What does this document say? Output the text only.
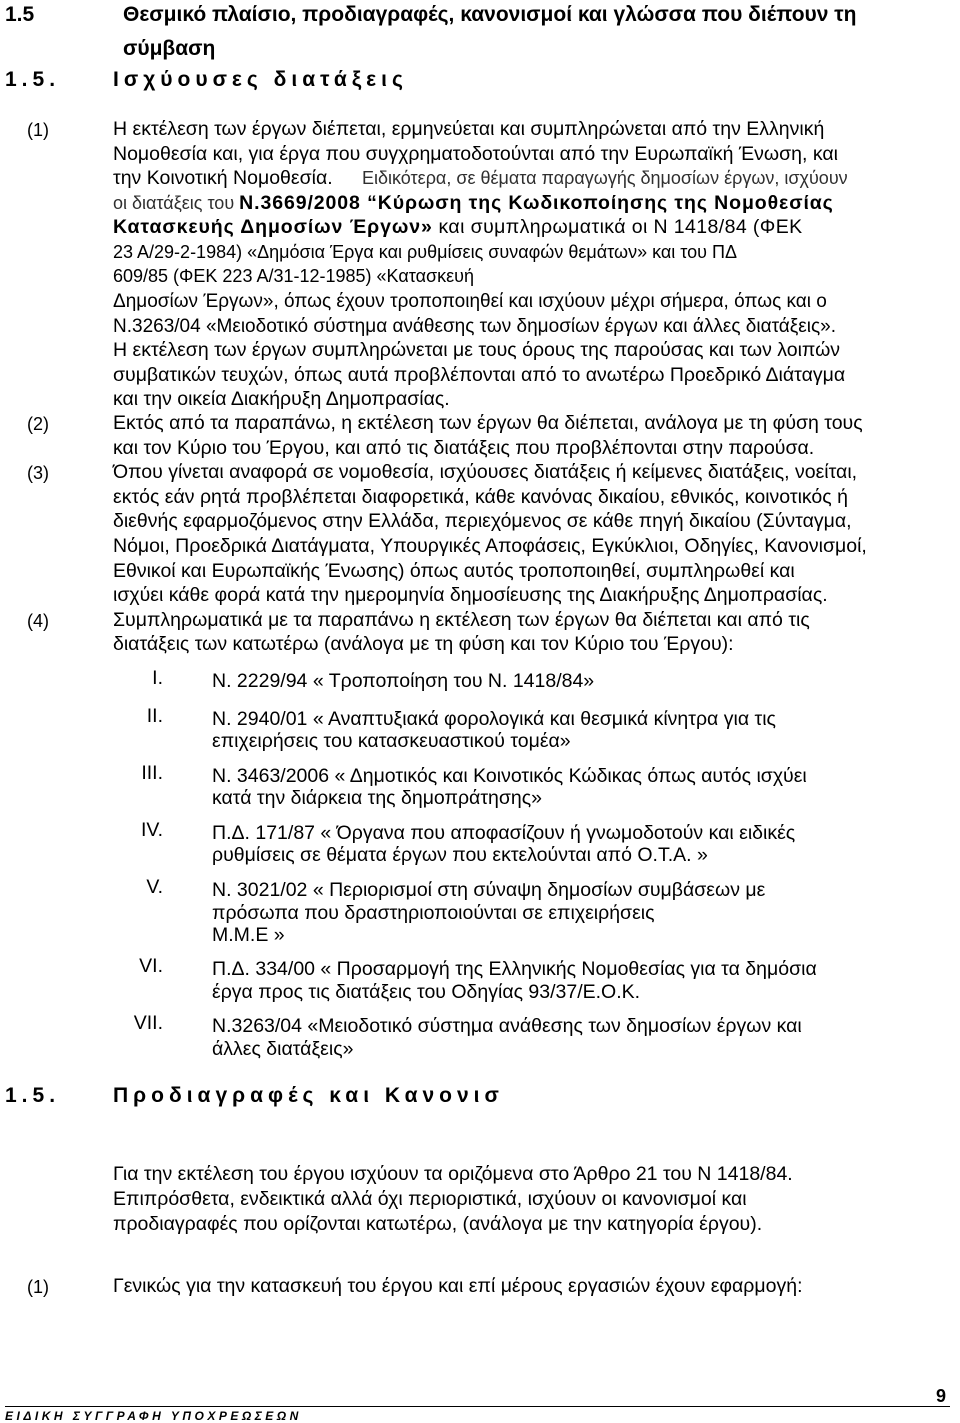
1.5	Θεσμικό πλαίσιο, προδιαγραφές, κανονισμοί και γλώσσα που διέπουν τη
σύμβαση
1.5.	Ισχύουσες διατάξεις
(1)	Η εκτέλεση των έργων διέπεται, ερμηνεύεται και συμπληρώνεται από την Ελληνική
Νομοθεσία και, για έργα που συγχρηματοδοτούνται από την Ευρωπαϊκή Ένωση, και
την Κοινοτική Νομοθεσία. Ειδικότερα, σε θέματα παραγωγής δημοσίων έργων, ισχύουν
οι διατάξεις του Ν.3669/2008 “Κύρωση της Κωδικοποίησης της Νομοθεσίας
Κατασκευής Δημοσίων Έργων» και συμπληρωματικά οι Ν 1418/84 (ΦΕΚ
23 Α/29-2-1984) «Δημόσια Έργα και ρυθμίσεις συναφών θεμάτων» και του ΠΔ
609/85 (ΦΕΚ 223 Α/31-12-1985) «Κατασκευή
Δημοσίων Έργων», όπως έχουν τροποποιηθεί και ισχύουν μέχρι σήμερα, όπως και ο
Ν.3263/04 «Μειοδοτικό σύστημα ανάθεσης των δημοσίων έργων και άλλες διατάξεις».
Η εκτέλεση των έργων συμπληρώνεται με τους όρους της παρούσας και των λοιπών
συμβατικών τευχών, όπως αυτά προβλέπονται από το ανωτέρω Προεδρικό Διάταγμα
και την οικεία Διακήρυξη Δημοπρασίας.
(2)	Εκτός από τα παραπάνω, η εκτέλεση των έργων θα διέπεται, ανάλογα με τη φύση τους
και τον Κύριο του Έργου, και από τις διατάξεις που προβλέπονται στην παρούσα.
(3)	Όπου γίνεται αναφορά σε νομοθεσία, ισχύουσες διατάξεις ή κείμενες διατάξεις, νοείται,
εκτός εάν ρητά προβλέπεται διαφορετικά, κάθε κανόνας δικαίου, εθνικός, κοινοτικός ή
διεθνής εφαρμοζόμενος στην Ελλάδα, περιεχόμενος σε κάθε πηγή δικαίου (Σύνταγμα,
Νόμοι, Προεδρικά Διατάγματα, Υπουργικές Αποφάσεις, Εγκύκλιοι, Οδηγίες, Κανονισμοί,
Εθνικοί και Ευρωπαϊκής Ένωσης) όπως αυτός τροποποιηθεί, συμπληρωθεί και
ισχύει κάθε φορά κατά την ημερομηνία δημοσίευσης της Διακήρυξης Δημοπρασίας.
(4)	Συμπληρωματικά με τα παραπάνω η εκτέλεση των έργων θα διέπεται και από τις
διατάξεις των κατωτέρω (ανάλογα με τη φύση και τον Κύριο του Έργου):
I.	Ν. 2229/94 « Τροποποίηση του Ν. 1418/84»
II.	Ν. 2940/01 « Αναπτυξιακά φορολογικά και θεσμικά κίνητρα για τις
επιχειρήσεις του κατασκευαστικού τομέα»
III.	Ν. 3463/2006 « Δημοτικός και Κοινοτικός Κώδικας όπως αυτός ισχύει
κατά την διάρκεια της δημοπράτησης»
IV.	Π.Δ. 171/87 « Όργανα που αποφασίζουν ή γνωμοδοτούν και ειδικές
ρυθμίσεις σε θέματα έργων που εκτελούνται από Ο.Τ.Α. »
V.	Ν. 3021/02 « Περιορισμοί στη σύναψη δημοσίων συμβάσεων με
πρόσωπα που δραστηριοποιούνται σε επιχειρήσεις
Μ.Μ.Ε »
VI.	Π.Δ. 334/00 « Προσαρμογή της Ελληνικής Νομοθεσίας για τα δημόσια
έργα προς τις διατάξεις του Οδηγίας 93/37/Ε.Ο.Κ.
VII.	Ν.3263/04 «Μειοδοτικό σύστημα ανάθεσης των δημοσίων έργων και
άλλες διατάξεις»
1.5.	Προδιαγραφές και Κανονισ
Για την εκτέλεση του έργου ισχύουν τα οριζόμενα στο Άρθρο 21 του Ν 1418/84.
Επιπρόσθετα, ενδεικτικά αλλά όχι περιοριστικά, ισχύουν οι κανονισμοί και
προδιαγραφές που ορίζονται κατωτέρω, (ανάλογα με την κατηγορία έργου).
(1)	Γενικώς για την κατασκευή του έργου και επί μέρους εργασιών έχουν εφαρμογή:
9
ΕΙΔΙΚΗ ΣΥΓΓΡΑΦΗ ΥΠΟΧΡΕΩΣΕΩΝ
